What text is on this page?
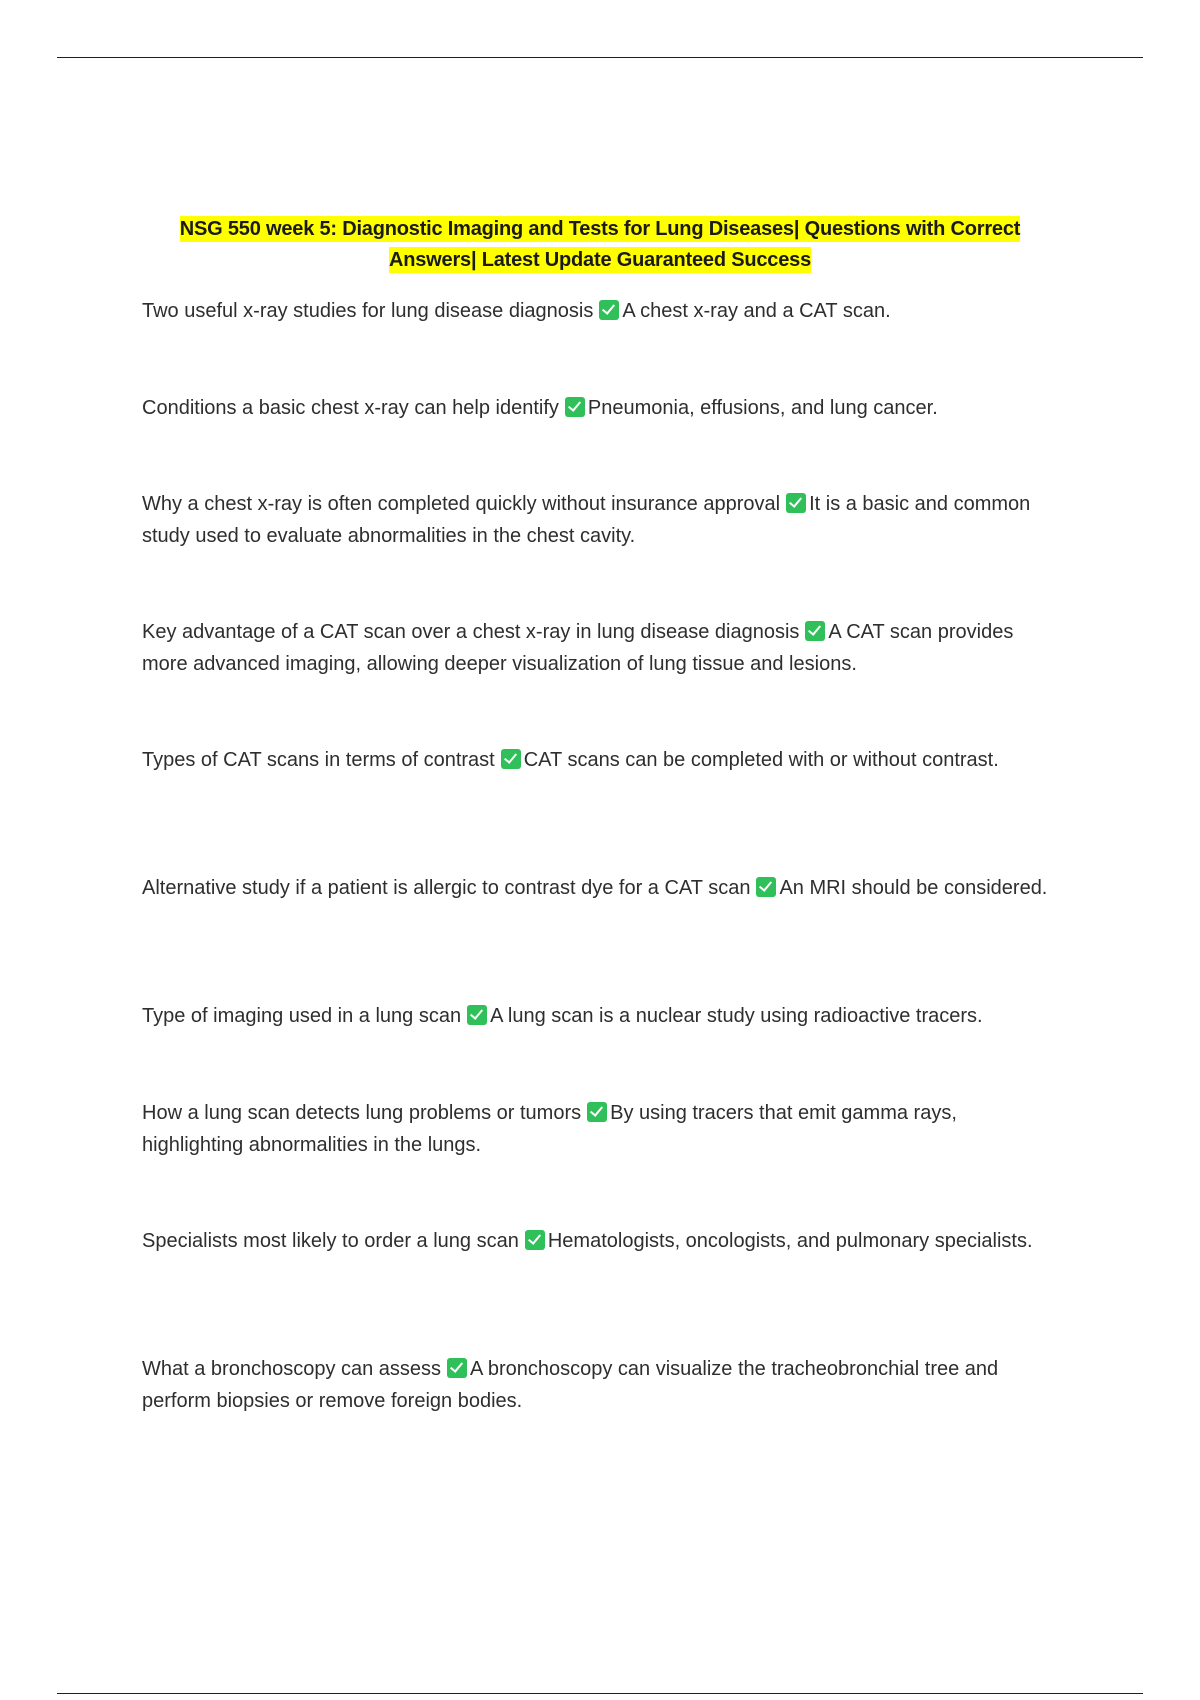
NSG 550 week 5: Diagnostic Imaging and Tests for Lung Diseases| Questions with Correct
Answers| Latest Update Guaranteed Success
Two useful x-ray studies for lung disease diagnosis A chest x-ray and a CAT scan.
Conditions a basic chest x-ray can help identify Pneumonia, effusions, and lung cancer.
Why a chest x-ray is often completed quickly without insurance approval It is a basic and common study used to evaluate abnormalities in the chest cavity.
Key advantage of a CAT scan over a chest x-ray in lung disease diagnosis A CAT scan provides more advanced imaging, allowing deeper visualization of lung tissue and lesions.
Types of CAT scans in terms of contrast CAT scans can be completed with or without contrast.
Alternative study if a patient is allergic to contrast dye for a CAT scan An MRI should be considered.
Type of imaging used in a lung scan A lung scan is a nuclear study using radioactive tracers.
How a lung scan detects lung problems or tumors By using tracers that emit gamma rays, highlighting abnormalities in the lungs.
Specialists most likely to order a lung scan Hematologists, oncologists, and pulmonary specialists.
What a bronchoscopy can assess A bronchoscopy can visualize the tracheobronchial tree and perform biopsies or remove foreign bodies.
